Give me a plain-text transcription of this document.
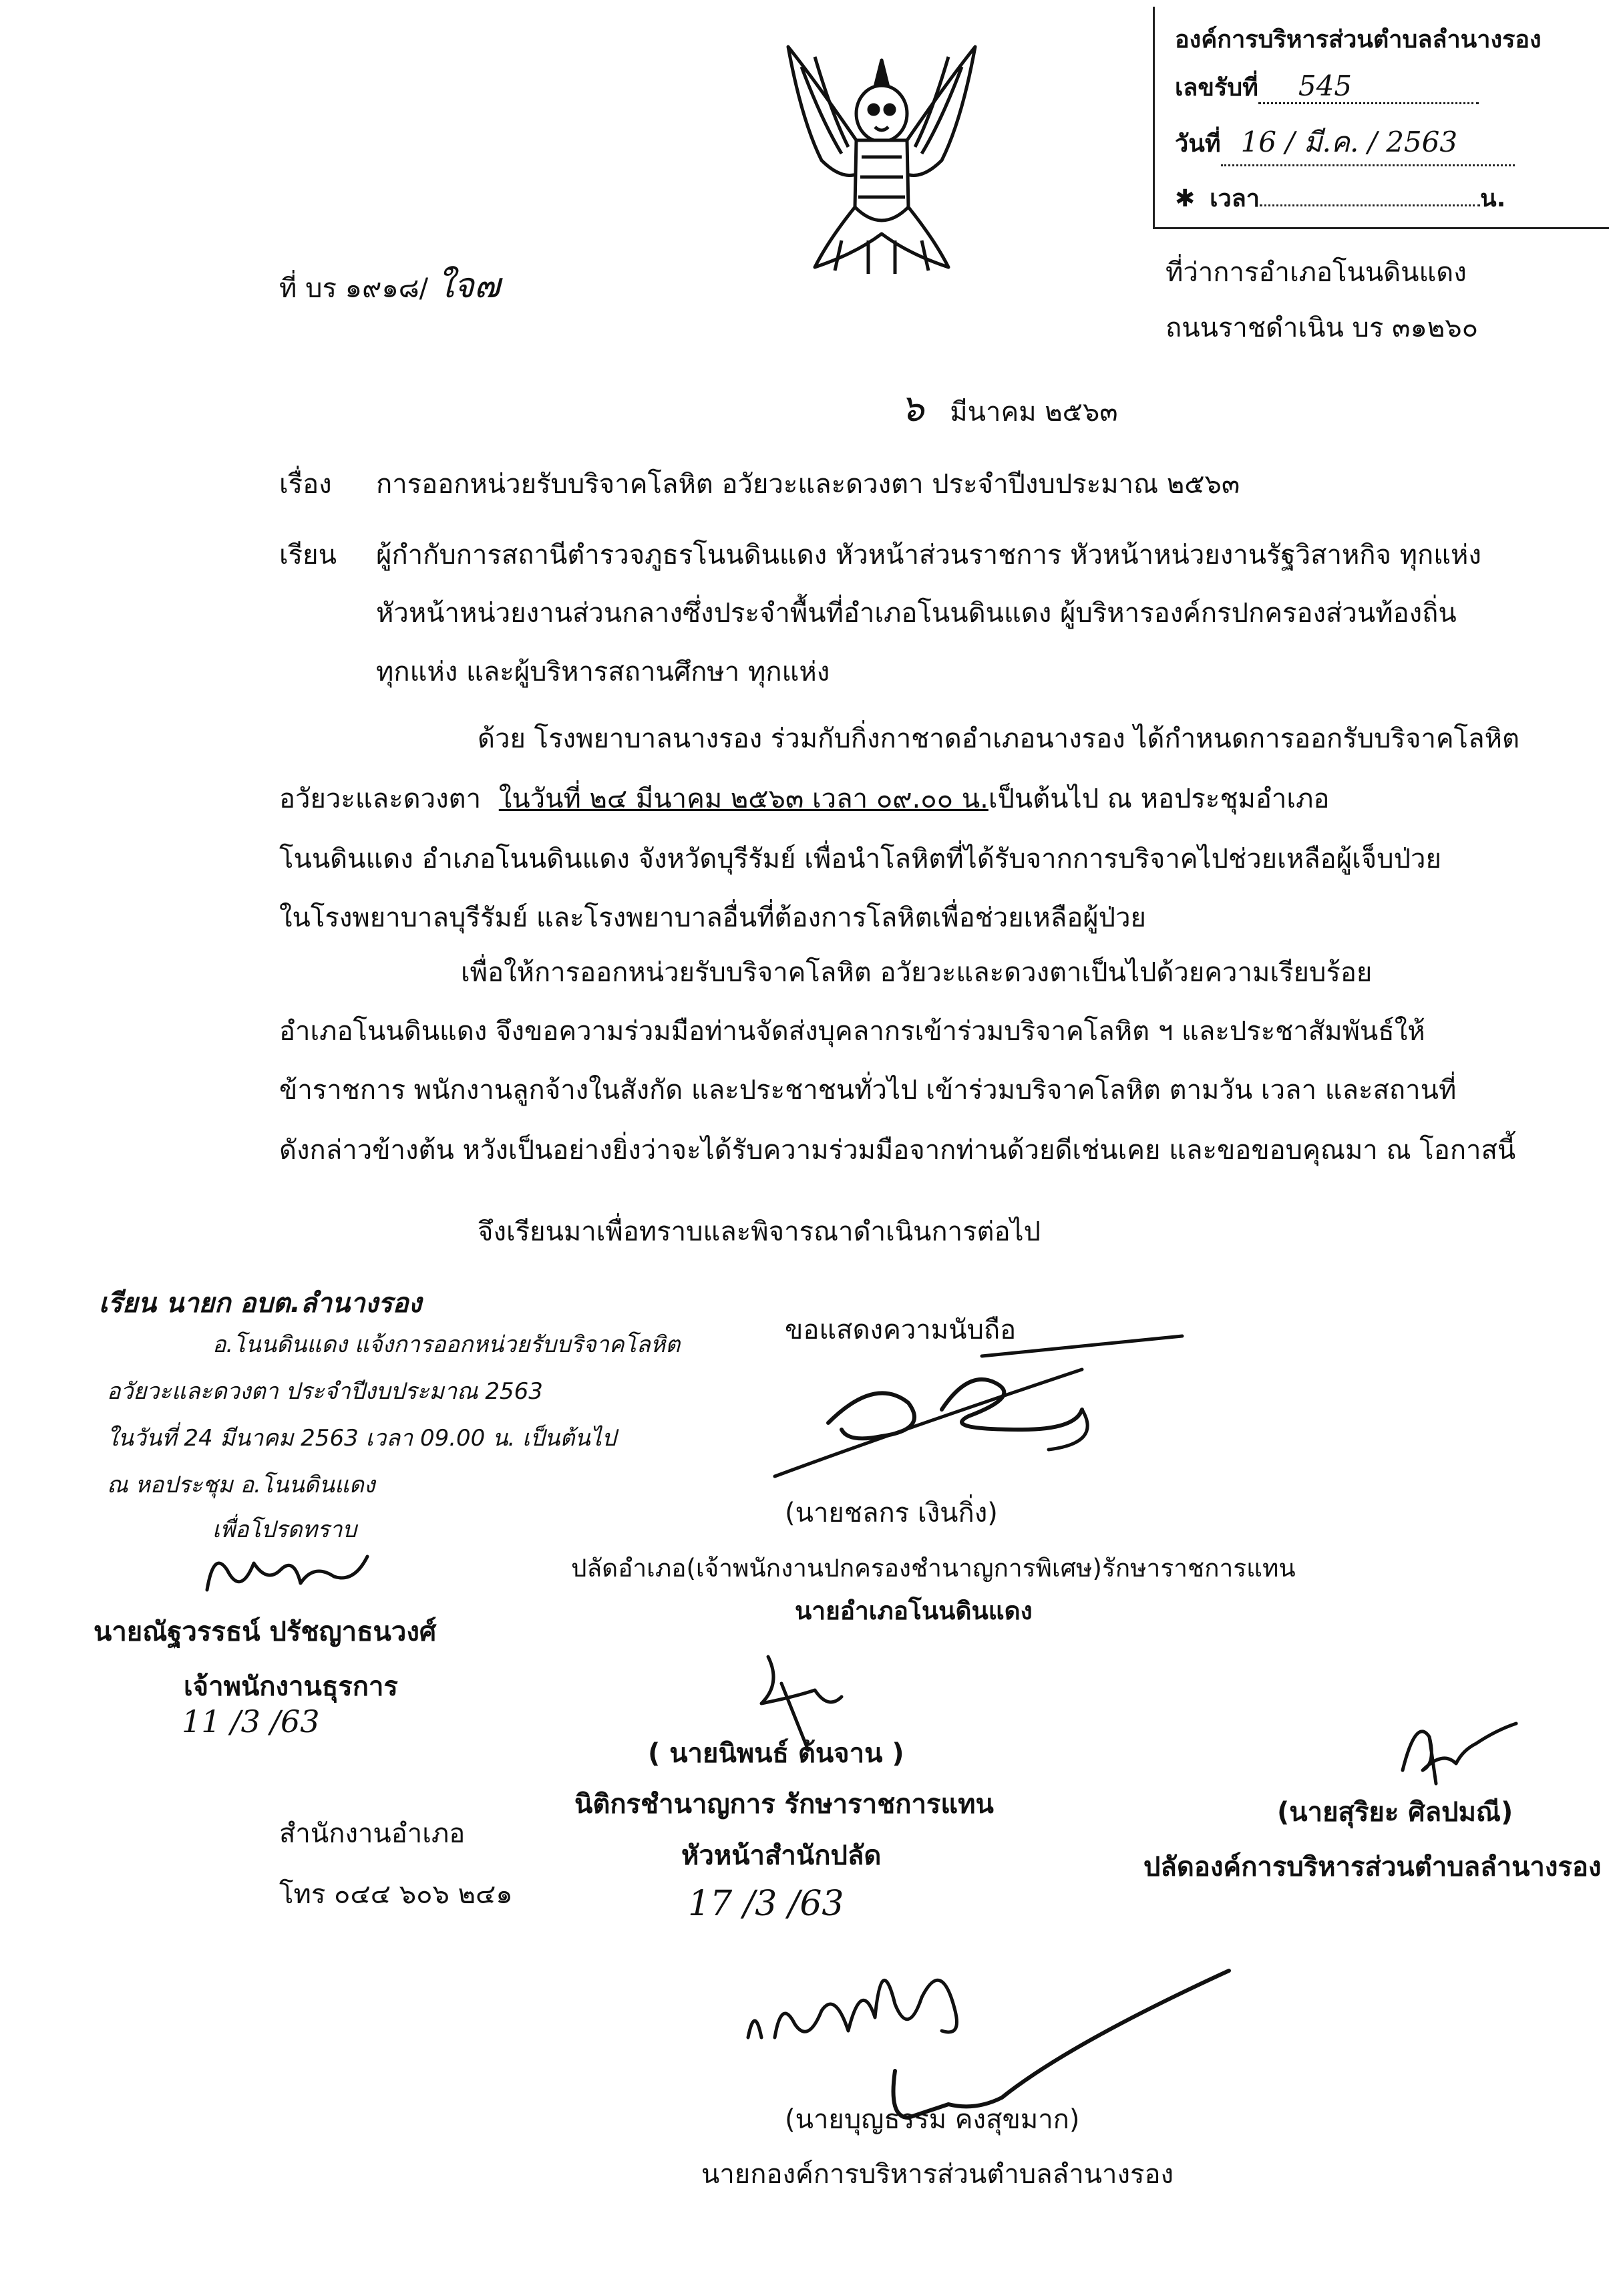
องค์การบริหารส่วนตำบลลำนางรอง
เลขรับที่ 545
วันที่ 16 / มี.ค. / 2563
✱ เวลา	น.
ที่ บร ๑๙๑๘/ ใจ๗	ที่ว่าการอำเภอโนนดินแดง
ถนนราชดำเนิน บร ๓๑๒๖๐
๖ มีนาคม ๒๕๖๓
เรื่อง การออกหน่วยรับบริจาคโลหิต อวัยวะและดวงตา ประจำปีงบประมาณ ๒๕๖๓
เรียน ผู้กำกับการสถานีตำรวจภูธรโนนดินแดง หัวหน้าส่วนราชการ หัวหน้าหน่วยงานรัฐวิสาหกิจ ทุกแห่ง
หัวหน้าหน่วยงานส่วนกลางซึ่งประจำพื้นที่อำเภอโนนดินแดง ผู้บริหารองค์กรปกครองส่วนท้องถิ่น
ทุกแห่ง และผู้บริหารสถานศึกษา ทุกแห่ง
ด้วย โรงพยาบาลนางรอง ร่วมกับกิ่งกาชาดอำเภอนางรอง ได้กำหนดการออกรับบริจาคโลหิต
อวัยวะและดวงตา ในวันที่ ๒๔ มีนาคม ๒๕๖๓ เวลา ๐๙.๐๐ น.เป็นต้นไป ณ หอประชุมอำเภอ
โนนดินแดง อำเภอโนนดินแดง จังหวัดบุรีรัมย์ เพื่อนำโลหิตที่ได้รับจากการบริจาคไปช่วยเหลือผู้เจ็บป่วย
ในโรงพยาบาลบุรีรัมย์ และโรงพยาบาลอื่นที่ต้องการโลหิตเพื่อช่วยเหลือผู้ป่วย
เพื่อให้การออกหน่วยรับบริจาคโลหิต อวัยวะและดวงตาเป็นไปด้วยความเรียบร้อย
อำเภอโนนดินแดง จึงขอความร่วมมือท่านจัดส่งบุคลากรเข้าร่วมบริจาคโลหิต ฯ และประชาสัมพันธ์ให้
ข้าราชการ พนักงานลูกจ้างในสังกัด และประชาชนทั่วไป เข้าร่วมบริจาคโลหิต ตามวัน เวลา และสถานที่
ดังกล่าวข้างต้น หวังเป็นอย่างยิ่งว่าจะได้รับความร่วมมือจากท่านด้วยดีเช่นเคย และขอขอบคุณมา ณ โอกาสนี้
จึงเรียนมาเพื่อทราบและพิจารณาดำเนินการต่อไป
เรียน นายก อบต.ลำนางรอง
อ.โนนดินแดง แจ้งการออกหน่วยรับบริจาคโลหิต
อวัยวะและดวงตา ประจำปีงบประมาณ 2563
ในวันที่ 24 มีนาคม 2563 เวลา 09.00 น. เป็นต้นไป
ณ หอประชุม อ.โนนดินแดง
เพื่อโปรดทราบ
นายณัฐวรรธน์ ปรัชญาธนวงศ์
เจ้าพนักงานธุรการ
11 /3 /63
ขอแสดงความนับถือ
(นายชลกร เงินกิ่ง)
ปลัดอำเภอ(เจ้าพนักงานปกครองชำนาญการพิเศษ)รักษาราชการแทน
นายอำเภอโนนดินแดง
( นายนิพนธ์ ต้นจาน )
นิติกรชำนาญการ รักษาราชการแทน
หัวหน้าสำนักปลัด
17 /3 /63
(นายสุริยะ ศิลปมณี)
ปลัดองค์การบริหารส่วนตำบลลำนางรอง
สำนักงานอำเภอ
โทร ๐๔๔ ๖๐๖ ๒๔๑
(นายบุญธรรม คงสุขมาก)
นายกองค์การบริหารส่วนตำบลลำนางรอง
